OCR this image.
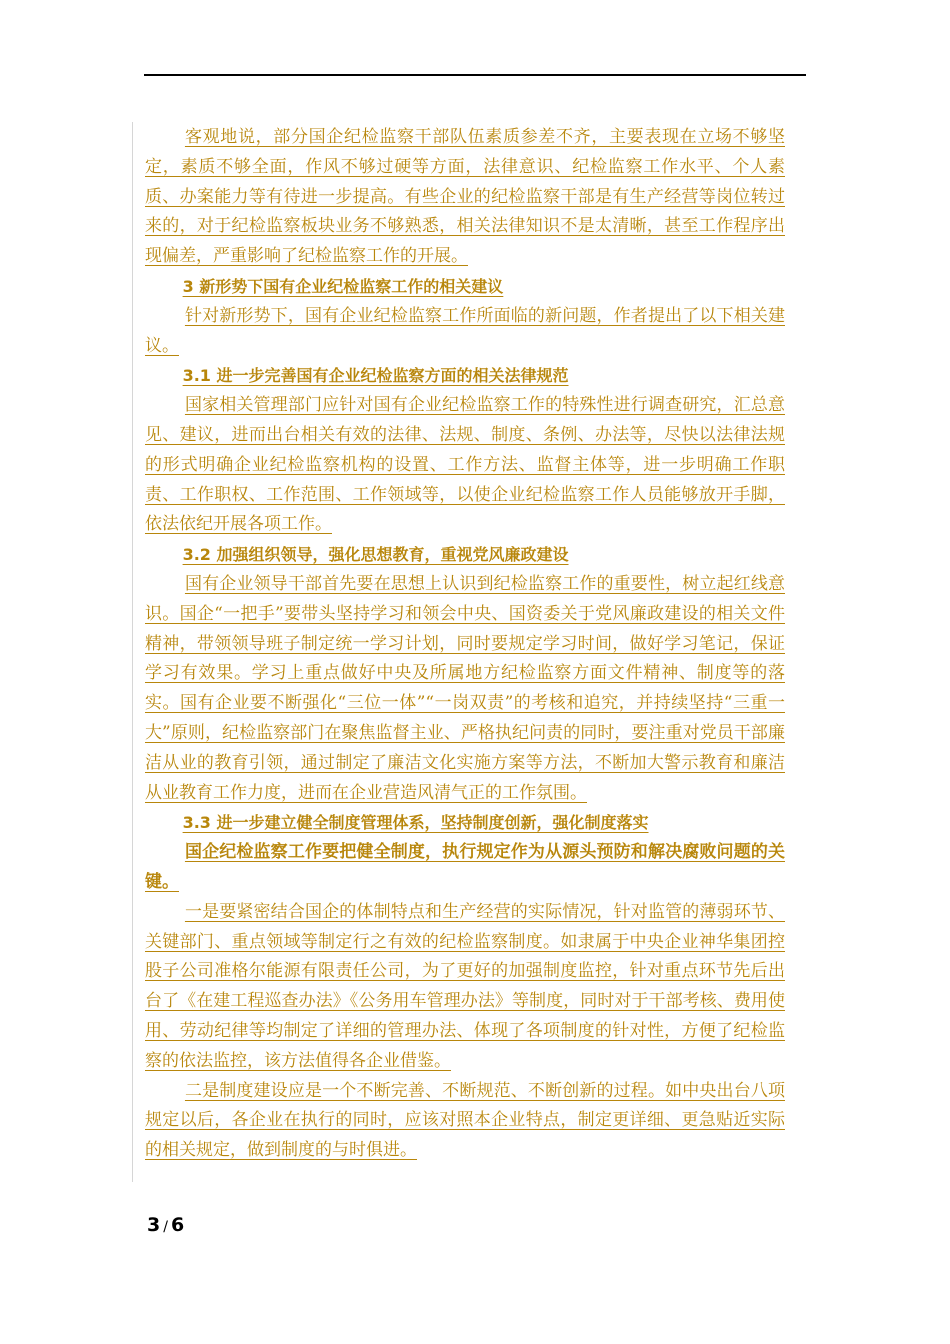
客观地说，部分国企纪检监察干部队伍素质参差不齐，主要表现在立场不够坚定，素质不够全面，作风不够过硬等方面，法律意识、纪检监察工作水平、个人素质、办案能力等有待进一步提高。有些企业的纪检监察干部是有生产经营等岗位转过来的，对于纪检监察板块业务不够熟悉，相关法律知识不是太清晰，甚至工作程序出现偏差，严重影响了纪检监察工作的开展。

3 新形势下国有企业纪检监察工作的相关建议

针对新形势下，国有企业纪检监察工作所面临的新问题，作者提出了以下相关建议。

3.1 进一步完善国有企业纪检监察方面的相关法律规范

国家相关管理部门应针对国有企业纪检监察工作的特殊性进行调查研究，汇总意见、建议，进而出台相关有效的法律、法规、制度、条例、办法等，尽快以法律法规的形式明确企业纪检监察机构的设置、工作方法、监督主体等，进一步明确工作职责、工作职权、工作范围、工作领域等，以使企业纪检监察工作人员能够放开手脚，依法依纪开展各项工作。

3.2 加强组织领导，强化思想教育，重视党风廉政建设

国有企业领导干部首先要在思想上认识到纪检监察工作的重要性，树立起红线意识。国企“一把手”要带头坚持学习和领会中央、国资委关于党风廉政建设的相关文件精神，带领领导班子制定统一学习计划，同时要规定学习时间，做好学习笔记，保证学习有效果。学习上重点做好中央及所属地方纪检监察方面文件精神、制度等的落实。国有企业要不断强化“三位一体”“一岗双责”的考核和追究，并持续坚持“三重一大”原则，纪检监察部门在聚焦监督主业、严格执纪问责的同时，要注重对党员干部廉洁从业的教育引领，通过制定了廉洁文化实施方案等方法，不断加大警示教育和廉洁从业教育工作力度，进而在企业营造风清气正的工作氛围。

3.3 进一步建立健全制度管理体系，坚持制度创新，强化制度落实

国企纪检监察工作要把健全制度，执行规定作为从源头预防和解决腐败问题的关键。

一是要紧密结合国企的体制特点和生产经营的实际情况，针对监管的薄弱环节、关键部门、重点领域等制定行之有效的纪检监察制度。如隶属于中央企业神华集团控股子公司准格尔能源有限责任公司，为了更好的加强制度监控，针对重点环节先后出台了《在建工程巡查办法》《公务用车管理办法》等制度，同时对于干部考核、费用使用、劳动纪律等均制定了详细的管理办法、体现了各项制度的针对性，方便了纪检监察的依法监控，该方法值得各企业借鉴。

二是制度建设应是一个不断完善、不断规范、不断创新的过程。如中央出台八项规定以后，各企业在执行的同时，应该对照本企业特点，制定更详细、更急贴近实际的相关规定，做到制度的与时俱进。

3 / 6
